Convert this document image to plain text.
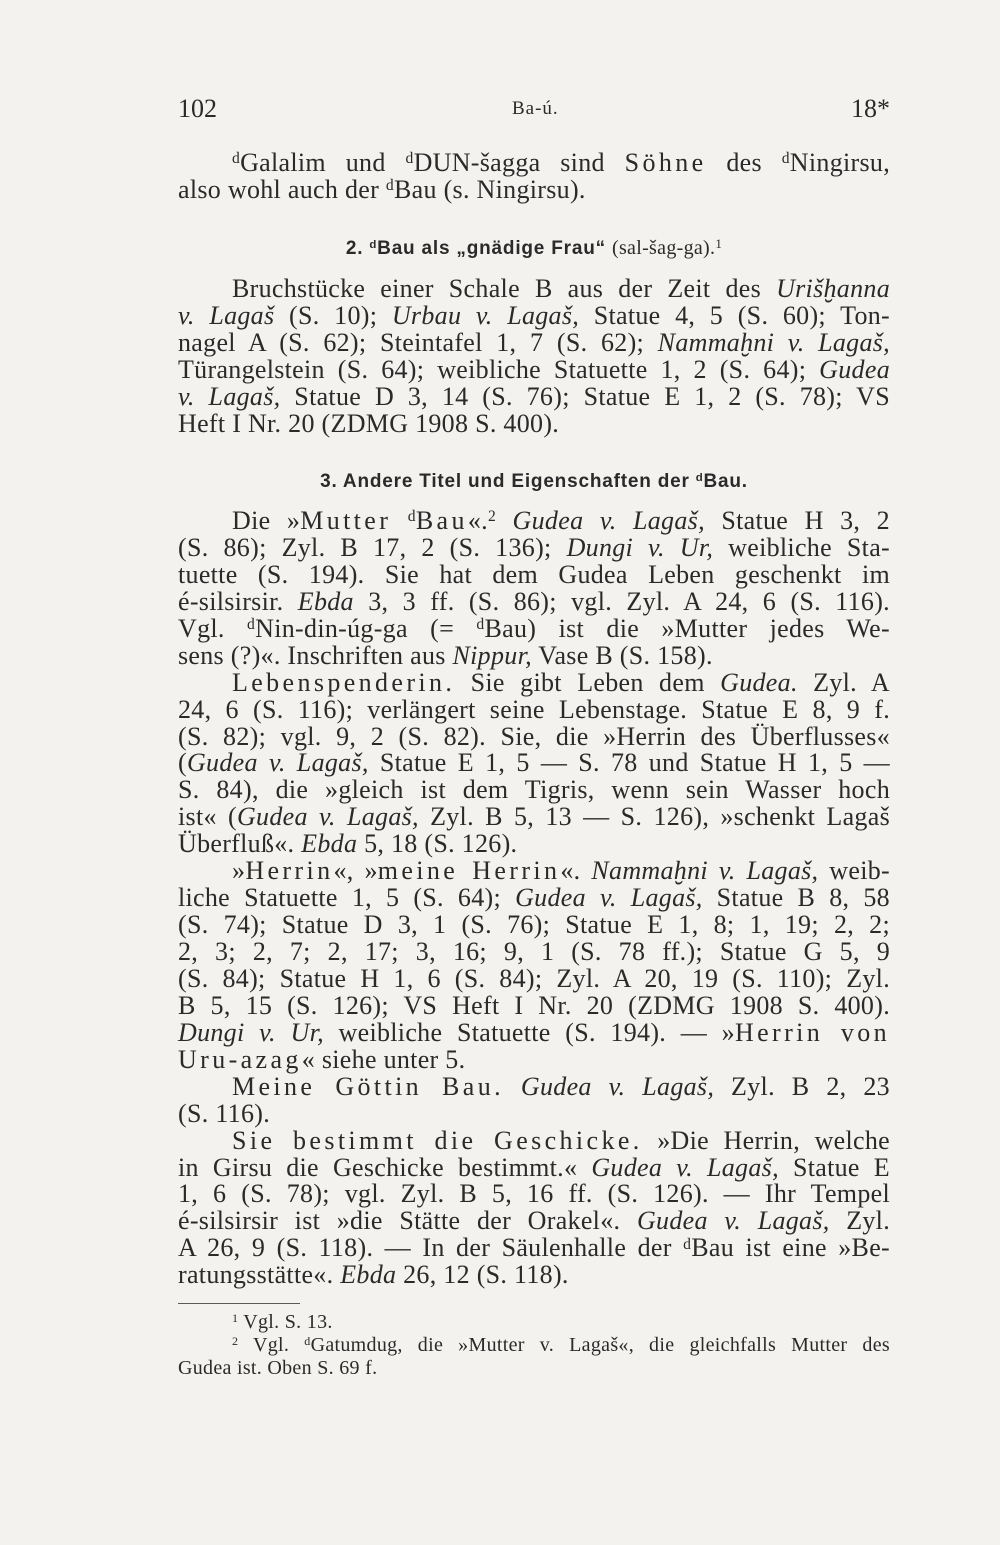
102	Ba-ú.	18*
$^d$Galalim und $^d$DUN-šagga sind Söhne des $^d$Ningirsu,
also wohl auch der $^d$Bau (s. Ningirsu).
2. $^d$Bau als „gnädige Frau“ (sal-šag-ga).$^1$
Bruchstücke einer Schale B aus der Zeit des Urišḫanna
v. Lagaš (S. 10); Urbau v. Lagaš, Statue 4, 5 (S. 60); Ton-
nagel A (S. 62); Steintafel 1, 7 (S. 62); Nammaḫni v. Lagaš,
Türangelstein (S. 64); weibliche Statuette 1, 2 (S. 64); Gudea
v. Lagaš, Statue D 3, 14 (S. 76); Statue E 1, 2 (S. 78); VS
Heft I Nr. 20 (ZDMG 1908 S. 400).
3. Andere Titel und Eigenschaften der $^d$Bau.
Die »Mutter $^d$Bau«.$^2$ Gudea v. Lagaš, Statue H 3, 2
(S. 86); Zyl. B 17, 2 (S. 136); Dungi v. Ur, weibliche Sta-
tuette (S. 194). Sie hat dem Gudea Leben geschenkt im
é-silsirsir. Ebda 3, 3 ff. (S. 86); vgl. Zyl. A 24, 6 (S. 116).
Vgl. $^d$Nin-din-úg-ga (= $^d$Bau) ist die »Mutter jedes We-
sens (?)«. Inschriften aus Nippur, Vase B (S. 158).
Lebenspenderin. Sie gibt Leben dem Gudea. Zyl. A
24, 6 (S. 116); verlängert seine Lebenstage. Statue E 8, 9 f.
(S. 82); vgl. 9, 2 (S. 82). Sie, die »Herrin des Überflusses«
(Gudea v. Lagaš, Statue E 1, 5 — S. 78 und Statue H 1, 5 —
S. 84), die »gleich ist dem Tigris, wenn sein Wasser hoch
ist« (Gudea v. Lagaš, Zyl. B 5, 13 — S. 126), »schenkt Lagaš
Überfluß«. Ebda 5, 18 (S. 126).
»Herrin«, »meine Herrin«. Nammaḫni v. Lagaš, weib-
liche Statuette 1, 5 (S. 64); Gudea v. Lagaš, Statue B 8, 58
(S. 74); Statue D 3, 1 (S. 76); Statue E 1, 8; 1, 19; 2, 2;
2, 3; 2, 7; 2, 17; 3, 16; 9, 1 (S. 78 ff.); Statue G 5, 9
(S. 84); Statue H 1, 6 (S. 84); Zyl. A 20, 19 (S. 110); Zyl.
B 5, 15 (S. 126); VS Heft I Nr. 20 (ZDMG 1908 S. 400).
Dungi v. Ur, weibliche Statuette (S. 194). — »Herrin von
Uru-azag« siehe unter 5.
Meine Göttin Bau. Gudea v. Lagaš, Zyl. B 2, 23
(S. 116).
Sie bestimmt die Geschicke. »Die Herrin, welche
in Girsu die Geschicke bestimmt.« Gudea v. Lagaš, Statue E
1, 6 (S. 78); vgl. Zyl. B 5, 16 ff. (S. 126). — Ihr Tempel
é-silsirsir ist »die Stätte der Orakel«. Gudea v. Lagaš, Zyl.
A 26, 9 (S. 118). — In der Säulenhalle der $^d$Bau ist eine »Be-
ratungsstätte«. Ebda 26, 12 (S. 118).
$^1$ Vgl. S. 13.
$^2$ Vgl. $^d$Gatumdug, die »Mutter v. Lagaš«, die gleichfalls Mutter des
Gudea ist. Oben S. 69 f.
